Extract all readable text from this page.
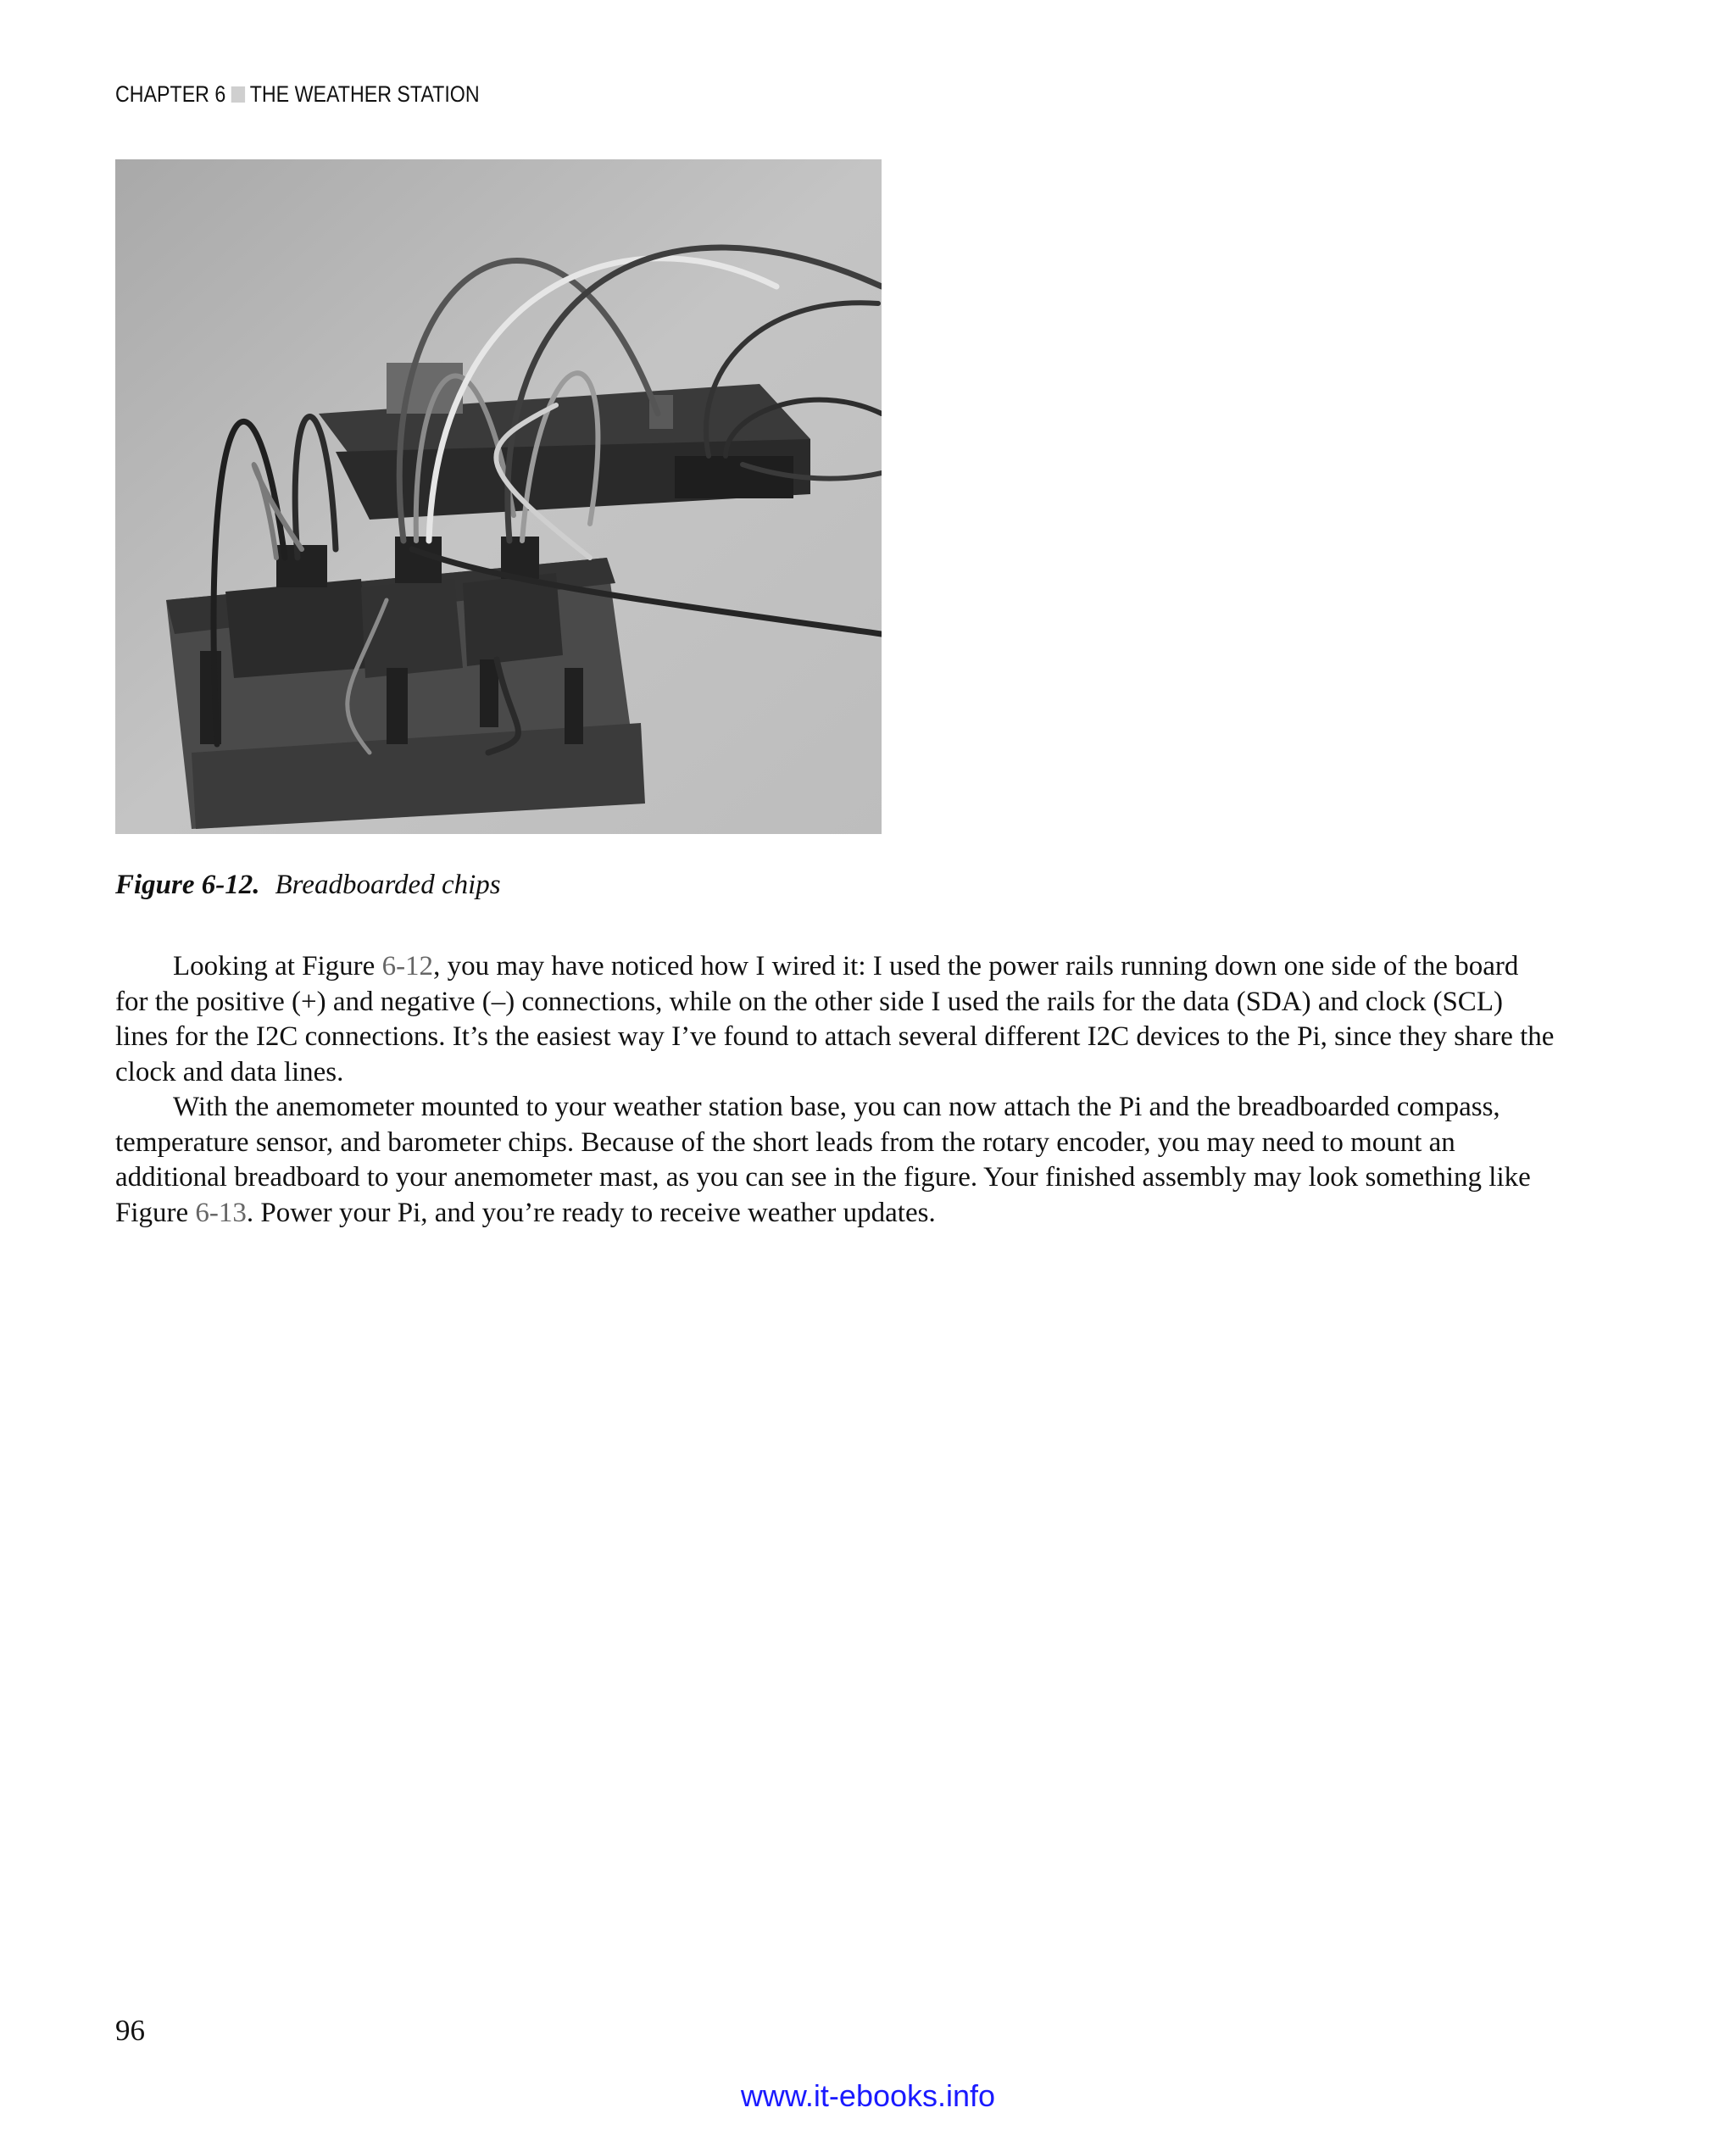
CHAPTER 6 THE WEATHER STATION
Figure 6-12. Breadboarded chips

Looking at Figure 6-12, you may have noticed how I wired it: I used the power rails running down one side of the board for the positive (+) and negative (–) connections, while on the other side I used the rails for the data (SDA) and clock (SCL) lines for the I2C connections. It’s the easiest way I’ve found to attach several different I2C devices to the Pi, since they share the clock and data lines.

With the anemometer mounted to your weather station base, you can now attach the Pi and the breadboarded compass, temperature sensor, and barometer chips. Because of the short leads from the rotary encoder, you may need to mount an additional breadboard to your anemometer mast, as you can see in the figure. Your finished assembly may look something like Figure 6-13. Power your Pi, and you’re ready to receive weather updates.

96
www.it-ebooks.info
